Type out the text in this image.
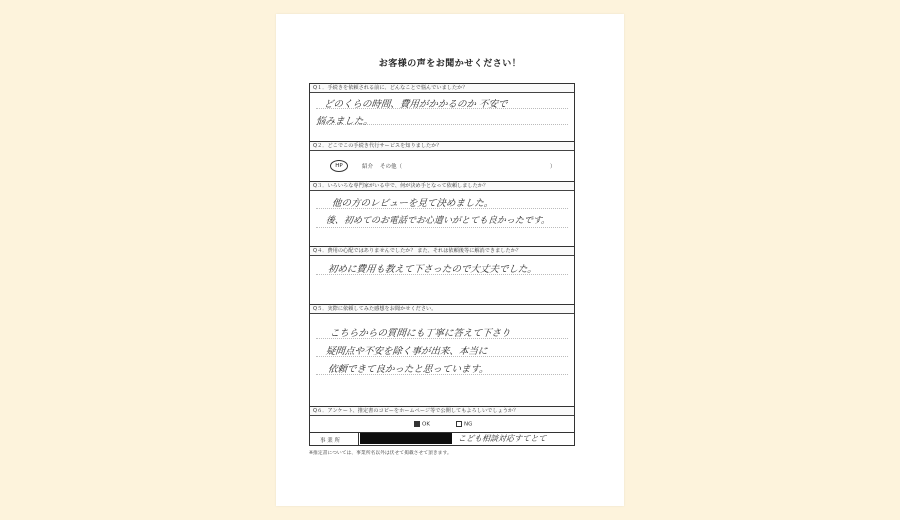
お客様の声をお聞かせください！
Q１．手続きを依頼される前に、どんなことで悩んでいましたか？
どのくらの時間、費用がかかるのか 不安で
悩みました。
Q２．どこでこの手続き代行サービスを知りましたか？
HP	紹介 その他（	）
Q３．いろいろな専門家がいる中で、何が決め手となって依頼しましたか？
他の方のレビューを見て決めました。
後、初めてのお電話でお心遣いがとても良かったです。
Q４．費用の心配ではありませんでしたか？ また、それは依頼後等に解消できましたか？
初めに費用も教えて下さったので大丈夫でした。
Q５．実際に依頼してみた感想をお聞かせください。
こちらからの質問にも丁寧に答えて下さり
疑問点や不安を除く事が出来、本当に
依頼できて良かったと思っています。
Q６．アンケート、推定書のコピーをホームページ等で公開してもよろしいでしょうか？
OK	NG
事 業 所	こども相談対応すてとて
※推定書については、事業所名以外は伏せて掲載させて頂きます。
